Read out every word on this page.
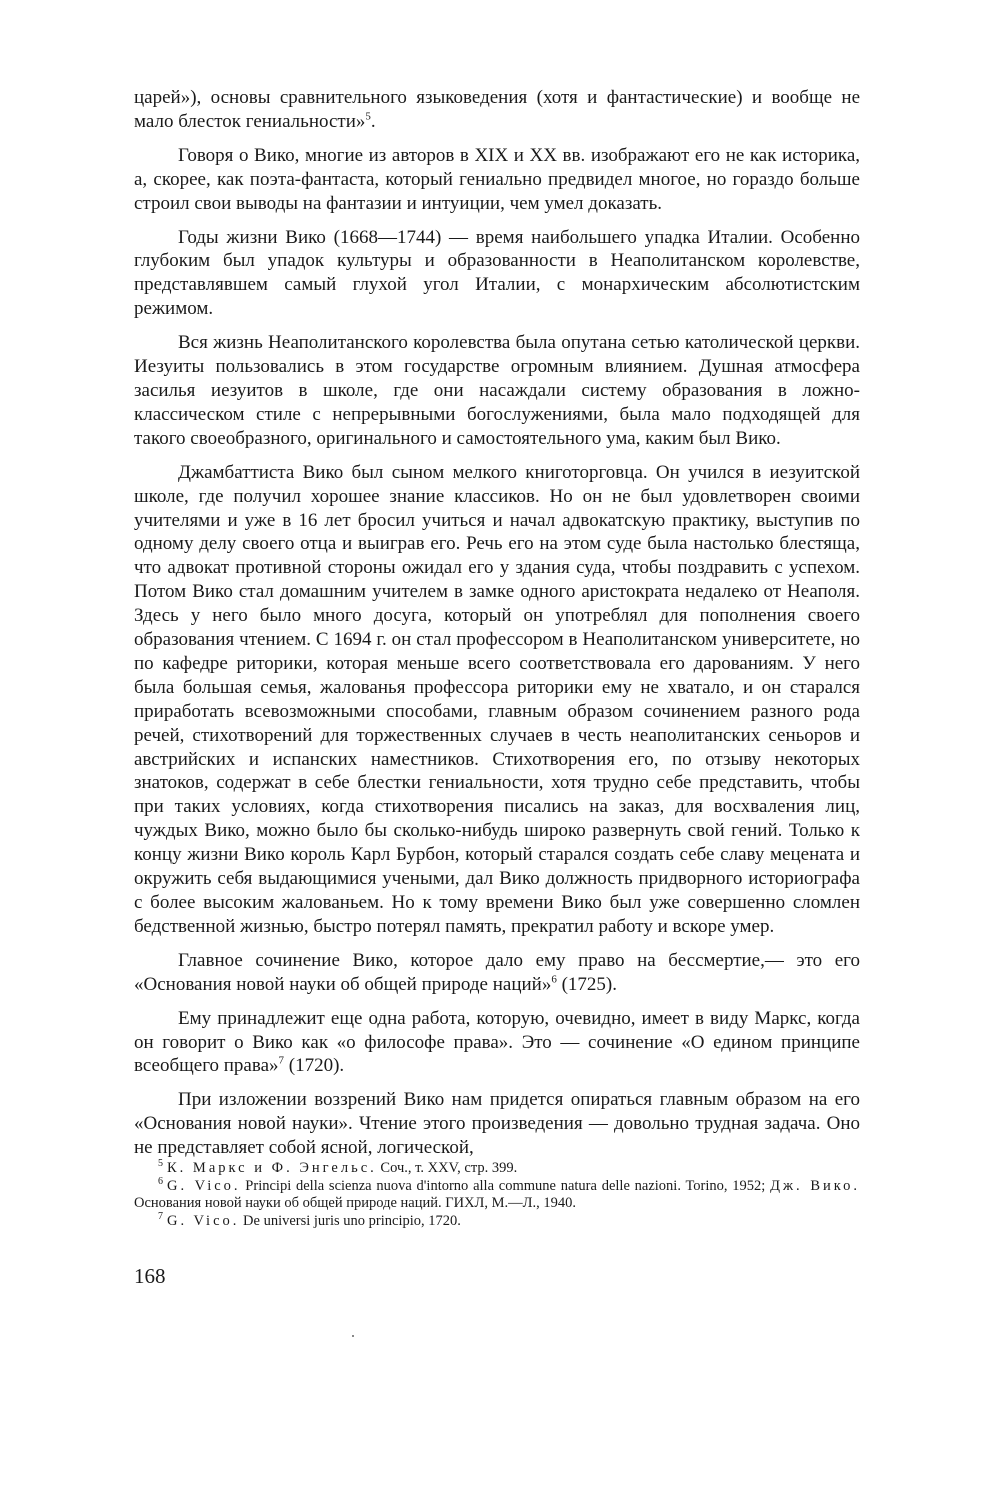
царей»), основы сравнительного языковедения (хотя и фантастические) и вообще не мало блесток гениальности»$^5$.

Говоря о Вико, многие из авторов в XIX и XX вв. изображают его не как историка, а, скорее, как поэта-фантаста, который гениально предвидел многое, но гораздо больше строил свои выводы на фантазии и интуиции, чем умел доказать.

Годы жизни Вико (1668—1744) — время наибольшего упадка Италии. Особенно глубоким был упадок культуры и образованности в Неаполитанском королевстве, представлявшем самый глухой угол Италии, с монархическим абсолютистским режимом.

Вся жизнь Неаполитанского королевства была опутана сетью католической церкви. Иезуиты пользовались в этом государстве огромным влиянием. Душная атмосфера засилья иезуитов в школе, где они насаждали систему образования в ложно-классическом стиле с непрерывными богослужениями, была мало подходящей для такого своеобразного, оригинального и самостоятельного ума, каким был Вико.

Джамбаттиста Вико был сыном мелкого книготорговца. Он учился в иезуитской школе, где получил хорошее знание классиков. Но он не был удовлетворен своими учителями и уже в 16 лет бросил учиться и начал адвокатскую практику, выступив по одному делу своего отца и выиграв его. Речь его на этом суде была настолько блестяща, что адвокат противной стороны ожидал его у здания суда, чтобы поздравить с успехом. Потом Вико стал домашним учителем в замке одного аристократа недалеко от Неаполя. Здесь у него было много досуга, который он употреблял для пополнения своего образования чтением. С 1694 г. он стал профессором в Неаполитанском университете, но по кафедре риторики, которая меньше всего соответствовала его дарованиям. У него была большая семья, жалованья профессора риторики ему не хватало, и он старался приработать всевозможными способами, главным образом сочинением разного рода речей, стихотворений для торжественных случаев в честь неаполитанских сеньоров и австрийских и испанских наместников. Стихотворения его, по отзыву некоторых знатоков, содержат в себе блестки гениальности, хотя трудно себе представить, чтобы при таких условиях, когда стихотворения писались на заказ, для восхваления лиц, чуждых Вико, можно было бы сколько-нибудь широко развернуть свой гений. Только к концу жизни Вико король Карл Бурбон, который старался создать себе славу мецената и окружить себя выдающимися учеными, дал Вико должность придворного историографа с более высоким жалованьем. Но к тому времени Вико был уже совершенно сломлен бедственной жизнью, быстро потерял память, прекратил работу и вскоре умер.

Главное сочинение Вико, которое дало ему право на бессмертие,— это его «Основания новой науки об общей природе наций»$^6$ (1725).

Ему принадлежит еще одна работа, которую, очевидно, имеет в виду Маркс, когда он говорит о Вико как «о философе права». Это — сочинение «О едином принципе всеобщего права»$^7$ (1720).

При изложении воззрений Вико нам придется опираться главным образом на его «Основания новой науки». Чтение этого произведения — довольно трудная задача. Оно не представляет собой ясной, логической,

$^5$ К. Маркс и Ф. Энгельс. Соч., т. XXV, стр. 399.

$^6$ G. Vico. Principi della scienza nuova d'intorno alla commune natura delle nazioni. Torino, 1952; Дж. Вико. Основания новой науки об общей природе наций. ГИХЛ, М.—Л., 1940.

$^7$ G. Vico. De universi juris uno principio, 1720.

168
